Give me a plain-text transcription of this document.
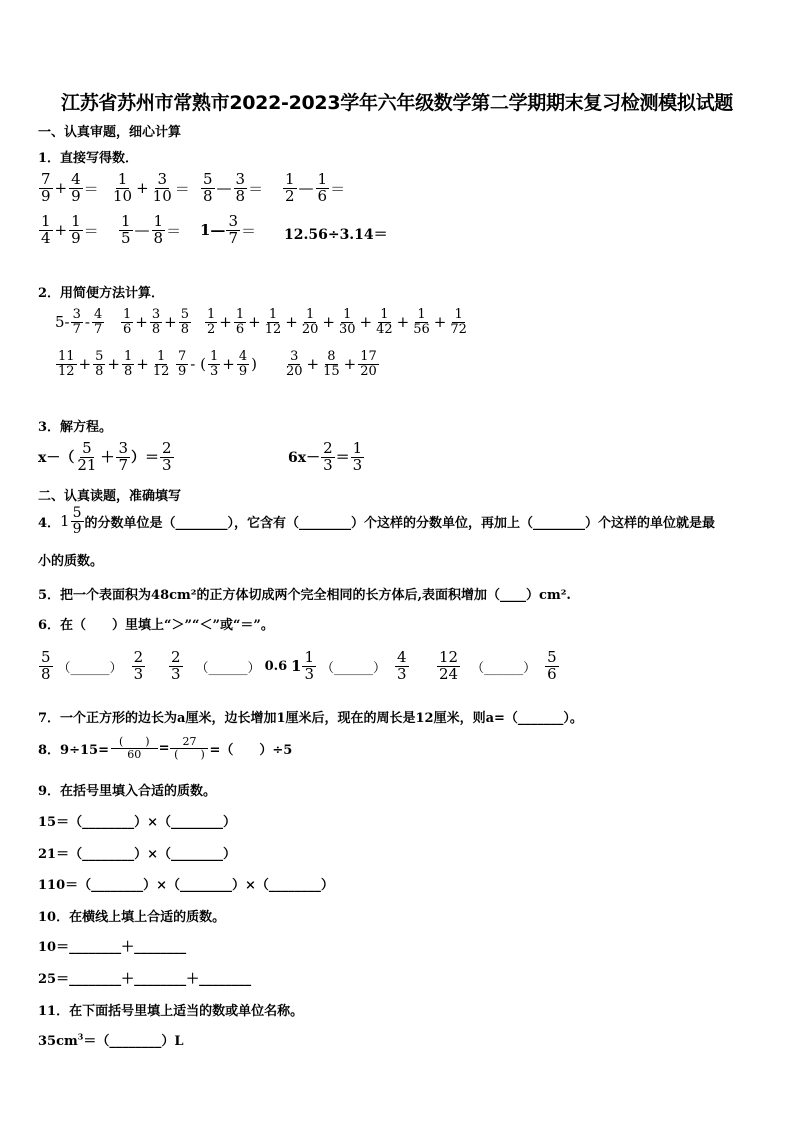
江苏省苏州市常熟市2022-2023学年六年级数学第二学期期末复习检测模拟试题
一、认真审题，细心计算
1．直接写得数．
$\frac{7}{9} + \frac{4}{9} = \frac{1}{10} + \frac{3}{10} = \frac{5}{8}$ — $\frac{3}{8} = \frac{1}{2}$ — $\frac{1}{6}$ ＝
$\frac{1}{4} + \frac{1}{9} = \frac{1}{5}$ — $\frac{1}{8}$ ＝ 1— $\frac{3}{7} = 12.56\div 3.14=$
2．用简便方法计算．
$5- \frac{3}{7} - \frac{4}{7} \frac{1}{6} + \frac{3}{8} + \frac{5}{8} \frac{1}{2} + \frac{1}{6} + \frac{1}{12} + \frac{1}{20} + \frac{1}{30} + \frac{1}{42} + \frac{1}{56} + \frac{1}{72}$
$\frac{11}{12} + \frac{5}{8} + \frac{1}{8} + \frac{1}{12} \frac{7}{9}$ - ( $\frac{1}{3} + \frac{4}{9}$ ) $\frac{3}{20} + \frac{8}{15} + \frac{17}{20}$
3．解方程。
$x-( \frac{5}{21} + \frac{3}{7}$ ）＝ $\frac{2}{3}$	$6x- \frac{2}{3} = \frac{1}{3}$
二、认真读题，准确填写
4． $1 \frac{5}{9}$ 的分数单位是（________），它含有（________）个这样的分数单位，再加上（________）个这样的单位就是最
小的质数。
5．把一个表面积为48cm²的正方体切成两个完全相同的长方体后,表面积增加（____）cm².
6．在（　　）里填上“＞”“＜”或“＝”。
$\frac{5}{8}$ （______） $\frac{2}{3} \frac{2}{3}$ （______） 0.6 $1 \frac{1}{3}$ （______） $\frac{4}{3} \frac{12}{24}$ （______） $\frac{5}{6}$
7．一个正方形的边长为a厘米，边长增加1厘米后，现在的周长是12厘米，则a=（_______）。
8．$9\div 15= \frac{( )}{60} = \frac{27}{( )}$ =（　　）÷5
9．在括号里填入合适的质数。
15＝（________）×（________）
21＝（________）×（________）
110＝（________）×（________）×（________）
10．在横线上填上合适的质数。
10＝________＋________
25＝________＋________＋________
11．在下面括号里填上适当的数或单位名称。
$35cm^3=(\_\_\_\_\_\_\_\_)L$
